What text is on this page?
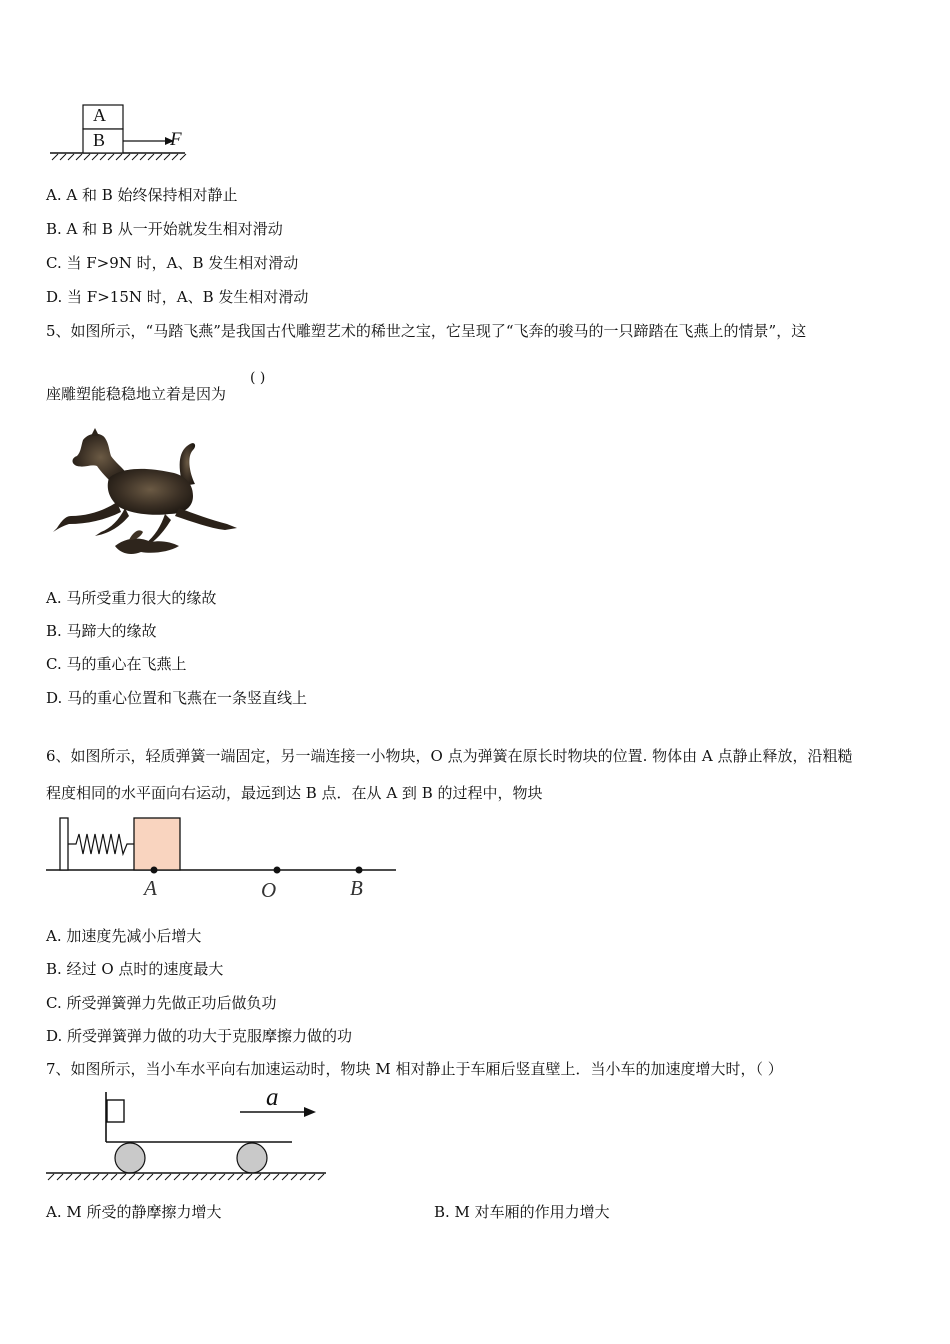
A
B	F
A. A 和 B 始终保持相对静止
B. A 和 B 从一开始就发生相对滑动
C. 当 F>9N 时，A、B 发生相对滑动
D. 当 F>15N 时，A、B 发生相对滑动
5、如图所示，“马踏飞燕”是我国古代雕塑艺术的稀世之宝，它呈现了“飞奔的骏马的一只蹄踏在飞燕上的情景”，这
座雕塑能稳稳地立着是因为
( )
A. 马所受重力很大的缘故
B. 马蹄大的缘故
C. 马的重心在飞燕上
D. 马的重心位置和飞燕在一条竖直线上
6、如图所示，轻质弹簧一端固定，另一端连接一小物块，O 点为弹簧在原长时物块的位置. 物体由 A 点静止释放，沿粗糙
程度相同的水平面向右运动，最远到达 B 点．在从 A 到 B 的过程中，物块
A	O	B
A. 加速度先减小后增大
B. 经过 O 点时的速度最大
C. 所受弹簧弹力先做正功后做负功
D. 所受弹簧弹力做的功大于克服摩擦力做的功
7、如图所示，当小车水平向右加速运动时，物块 M 相对静止于车厢后竖直壁上．当小车的加速度增大时，（ ）
a
A. M 所受的静摩擦力增大	B. M 对车厢的作用力增大
